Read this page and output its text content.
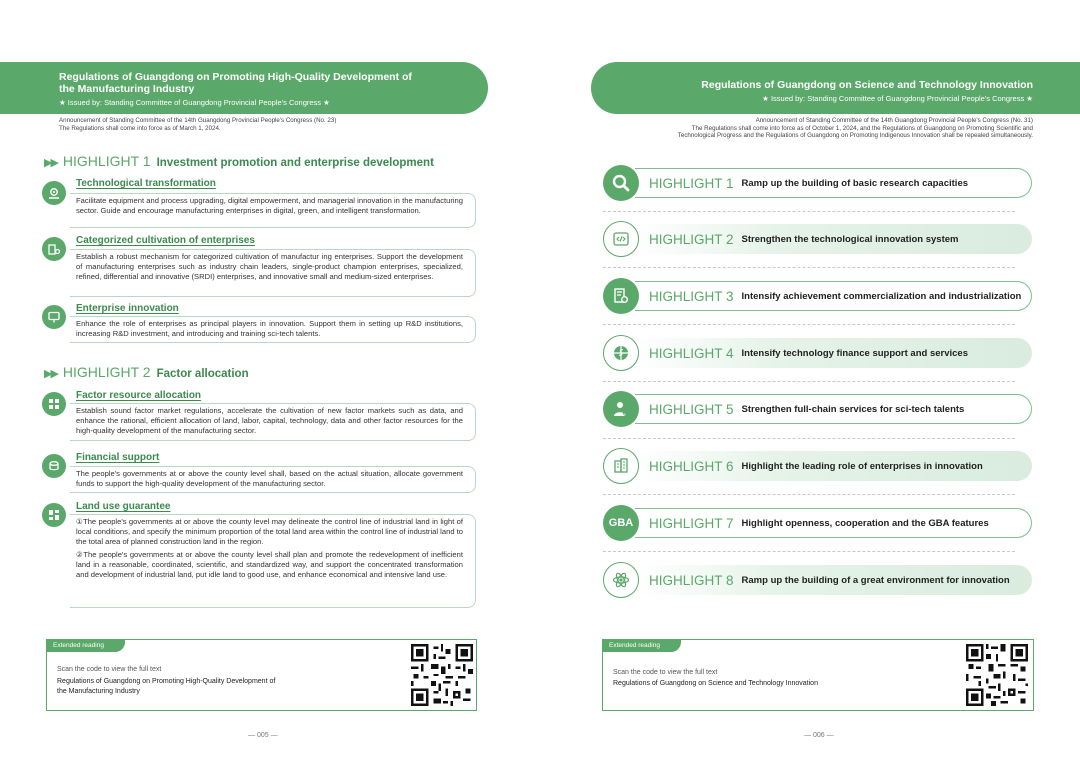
Regulations of Guangdong on Promoting High-Quality Development of
the Manufacturing Industry
★ Issued by: Standing Committee of Guangdong Provincial People's Congress ★
Announcement of Standing Committee of the 14th Guangdong Provincial People's Congress (No. 23)
The Regulations shall come into force as of March 1, 2024.
▶▶ HIGHLIGHT 1 Investment promotion and enterprise development
Technological transformation

Facilitate equipment and process upgrading, digital empowerment, and managerial innovation in the manufacturing sector. Guide and encourage manufacturing enterprises in digital, green, and intelligent transformation.

Categorized cultivation of enterprises

Establish a robust mechanism for categorized cultivation of manufactur ing enterprises. Support the development of manufacturing enterprises such as industry chain leaders, single-product champion enterprises, specialized, refined, differential and innovative (SRDI) enterprises, and innovative small and medium-sized enterprises.

Enterprise innovation

Enhance the role of enterprises as principal players in innovation. Support them in setting up R&D institutions, increasing R&D investment, and introducing and training sci-tech talents.

▶▶ HIGHLIGHT 2 Factor allocation
Factor resource allocation

Establish sound factor market regulations, accelerate the cultivation of new factor markets such as data, and enhance the rational, efficient allocation of land, labor, capital, technology, data and other factor resources for the high-quality development of the manufacturing sector.

Financial support

The people's governments at or above the county level shall, based on the actual situation, allocate government funds to support the high-quality development of the manufacturing sector.

Land use guarantee

①The people's governments at or above the county level may delineate the control line of industrial land in light of local conditions, and specify the minimum proportion of the total land area within the control line of industrial land to the total area of planned construction land in the region.

②The people's governments at or above the county level shall plan and promote the redevelopment of inefficient land in a reasonable, coordinated, scientific, and standardized way, and support the concentrated transformation and development of industrial land, put idle land to good use, and enhance economical and intensive land use.

Extended reading
Scan the code to view the full text
Regulations of Guangdong on Promoting High-Quality Development of
the Manufacturing Industry
— 005 —
Regulations of Guangdong on Science and Technology Innovation
★ Issued by: Standing Committee of Guangdong Provincial People's Congress ★
Announcement of Standing Committee of the 14th Guangdong Provincial People's Congress (No. 31)
The Regulations shall come into force as of October 1, 2024, and the Regulations of Guangdong on Promoting Scientific and
Technological Progress and the Regulations of Guangdong on Promoting Indigenous Innovation shall be repealed simultaneously.
HIGHLIGHT 1 Ramp up the building of basic research capacities
HIGHLIGHT 2 Strengthen the technological innovation system
HIGHLIGHT 3 Intensify achievement commercialization and industrialization
HIGHLIGHT 4 Intensify technology finance support and services
HIGHLIGHT 5 Strengthen full-chain services for sci-tech talents
HIGHLIGHT 6 Highlight the leading role of enterprises in innovation
HIGHLIGHT 7 Highlight openness, cooperation and the GBA features
GBA
HIGHLIGHT 8 Ramp up the building of a great environment for innovation
Extended reading
Scan the code to view the full text
Regulations of Guangdong on Science and Technology Innovation
— 006 —
